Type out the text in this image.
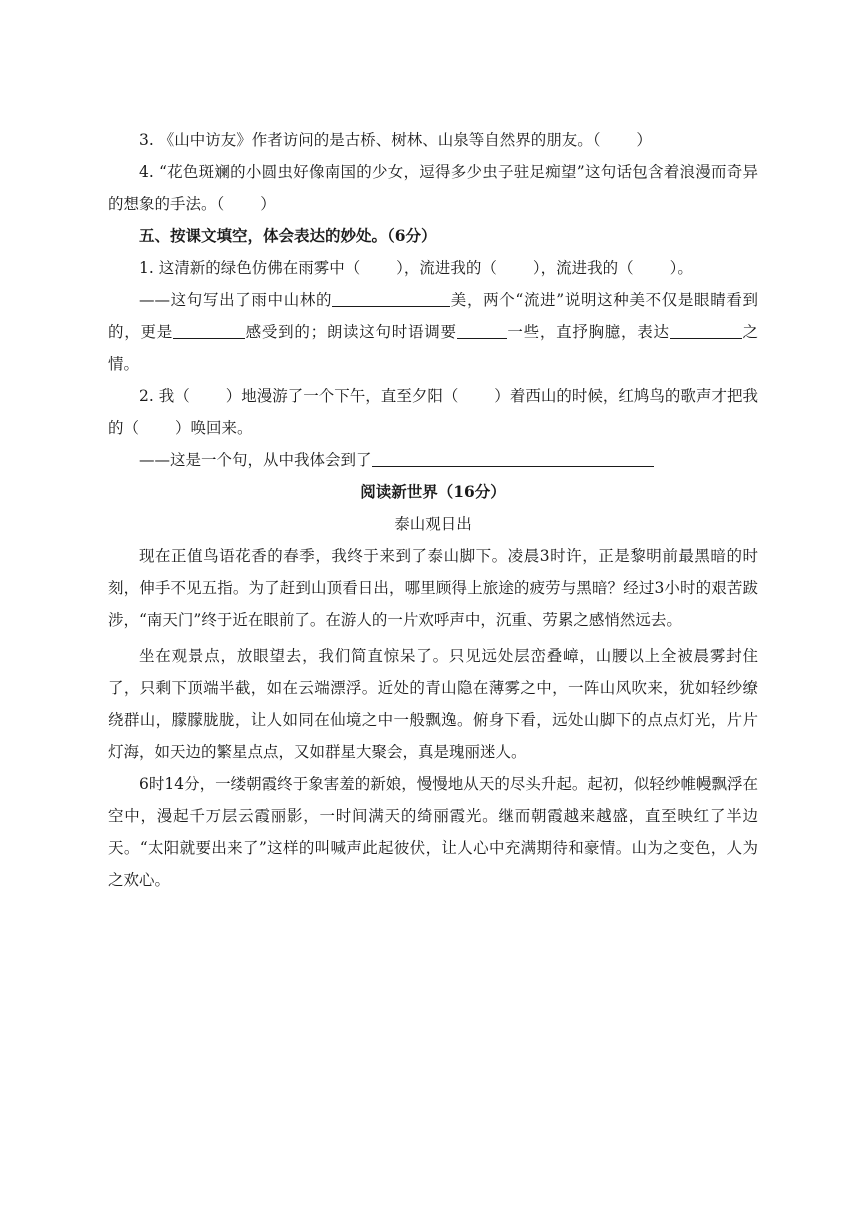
3. 《山中访友》作者访问的是古桥、树林、山泉等自然界的朋友。（ ）

4. “花色斑斓的小圆虫好像南国的少女，逗得多少虫子驻足痴望”这句话包含着浪漫而奇异的想象的手法。（ ）

五、按课文填空，体会表达的妙处。（6分）

1. 这清新的绿色仿佛在雨雾中（ ），流进我的（ ），流进我的（ ）。

——这句写出了雨中山林的	美，两个“流进”说明这种美不仅是眼睛看到的，更是	感受到的；朗读这句时语调要	一些，直抒胸臆，表达	之情。

2. 我（ ）地漫游了一个下午，直至夕阳（ ）着西山的时候，红鸠鸟的歌声才把我的（ ）唤回来。

——这是一个句，从中我体会到了

阅读新世界（16分）

泰山观日出

现在正值鸟语花香的春季，我终于来到了泰山脚下。凌晨3时许，正是黎明前最黑暗的时刻，伸手不见五指。为了赶到山顶看日出，哪里顾得上旅途的疲劳与黑暗？经过3小时的艰苦跋涉，“南天门”终于近在眼前了。在游人的一片欢呼声中，沉重、劳累之感悄然远去。

坐在观景点，放眼望去，我们简直惊呆了。只见远处层峦叠嶂，山腰以上全被晨雾封住了，只剩下顶端半截，如在云端漂浮。近处的青山隐在薄雾之中，一阵山风吹来，犹如轻纱缭绕群山，朦朦胧胧，让人如同在仙境之中一般飘逸。俯身下看，远处山脚下的点点灯光，片片灯海，如天边的繁星点点，又如群星大聚会，真是瑰丽迷人。

6时14分，一缕朝霞终于象害羞的新娘，慢慢地从天的尽头升起。起初，似轻纱帷幔飘浮在空中，漫起千万层云霞丽影，一时间满天的绮丽霞光。继而朝霞越来越盛，直至映红了半边天。“太阳就要出来了”这样的叫喊声此起彼伏，让人心中充满期待和豪情。山为之变色，人为之欢心。
